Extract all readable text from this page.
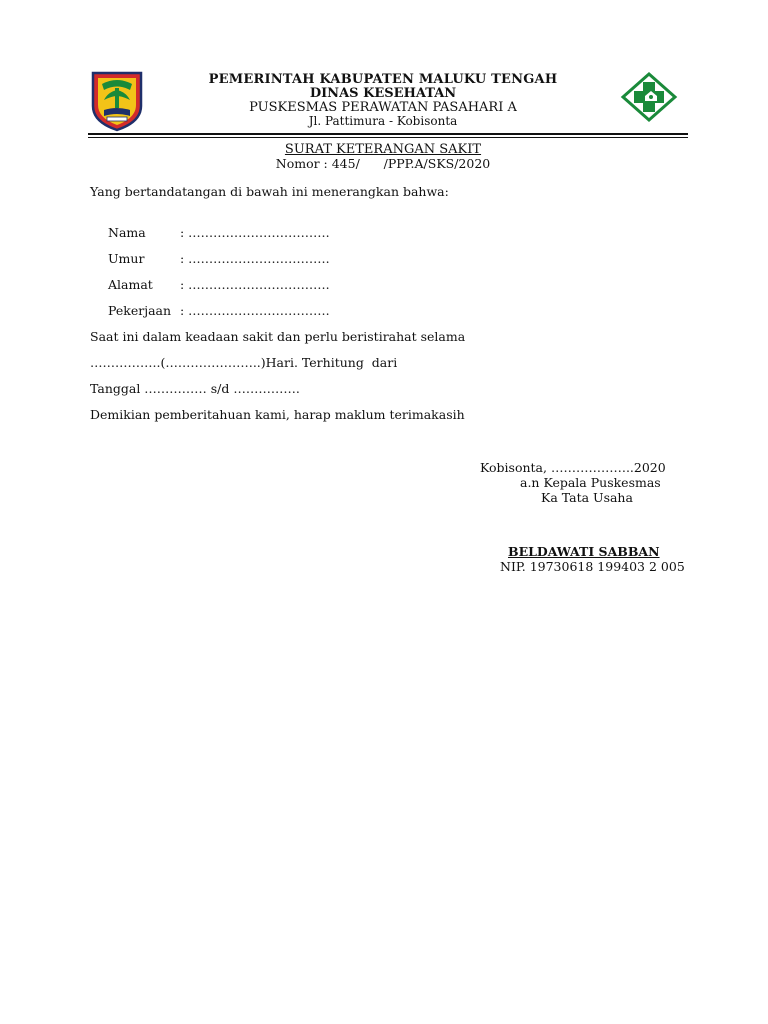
PEMERINTAH KABUPATEN MALUKU TENGAH
DINAS KESEHATAN
PUSKESMAS PERAWATAN PASAHARI A
Jl. Pattimura - Kobisonta
SURAT KETERANGAN SAKIT
Nomor : 445/      /PPP.A/SKS/2020
Yang bertandatangan di bawah ini menerangkan bahwa:
Nama	: …………………………….
Umur	: …………………………….
Alamat : …………………………….
Pekerjaan : …………………………….
Saat ini dalam keadaan sakit dan perlu beristirahat selama
……………..(…………………..)Hari. Terhitung  dari
Tanggal …………… s/d …………….
Demikian pemberitahuan kami, harap maklum terimakasih
Kobisonta, ………………..2020
a.n Kepala Puskesmas
Ka Tata Usaha
BELDAWATI SABBAN
NIP. 19730618 199403 2 005
